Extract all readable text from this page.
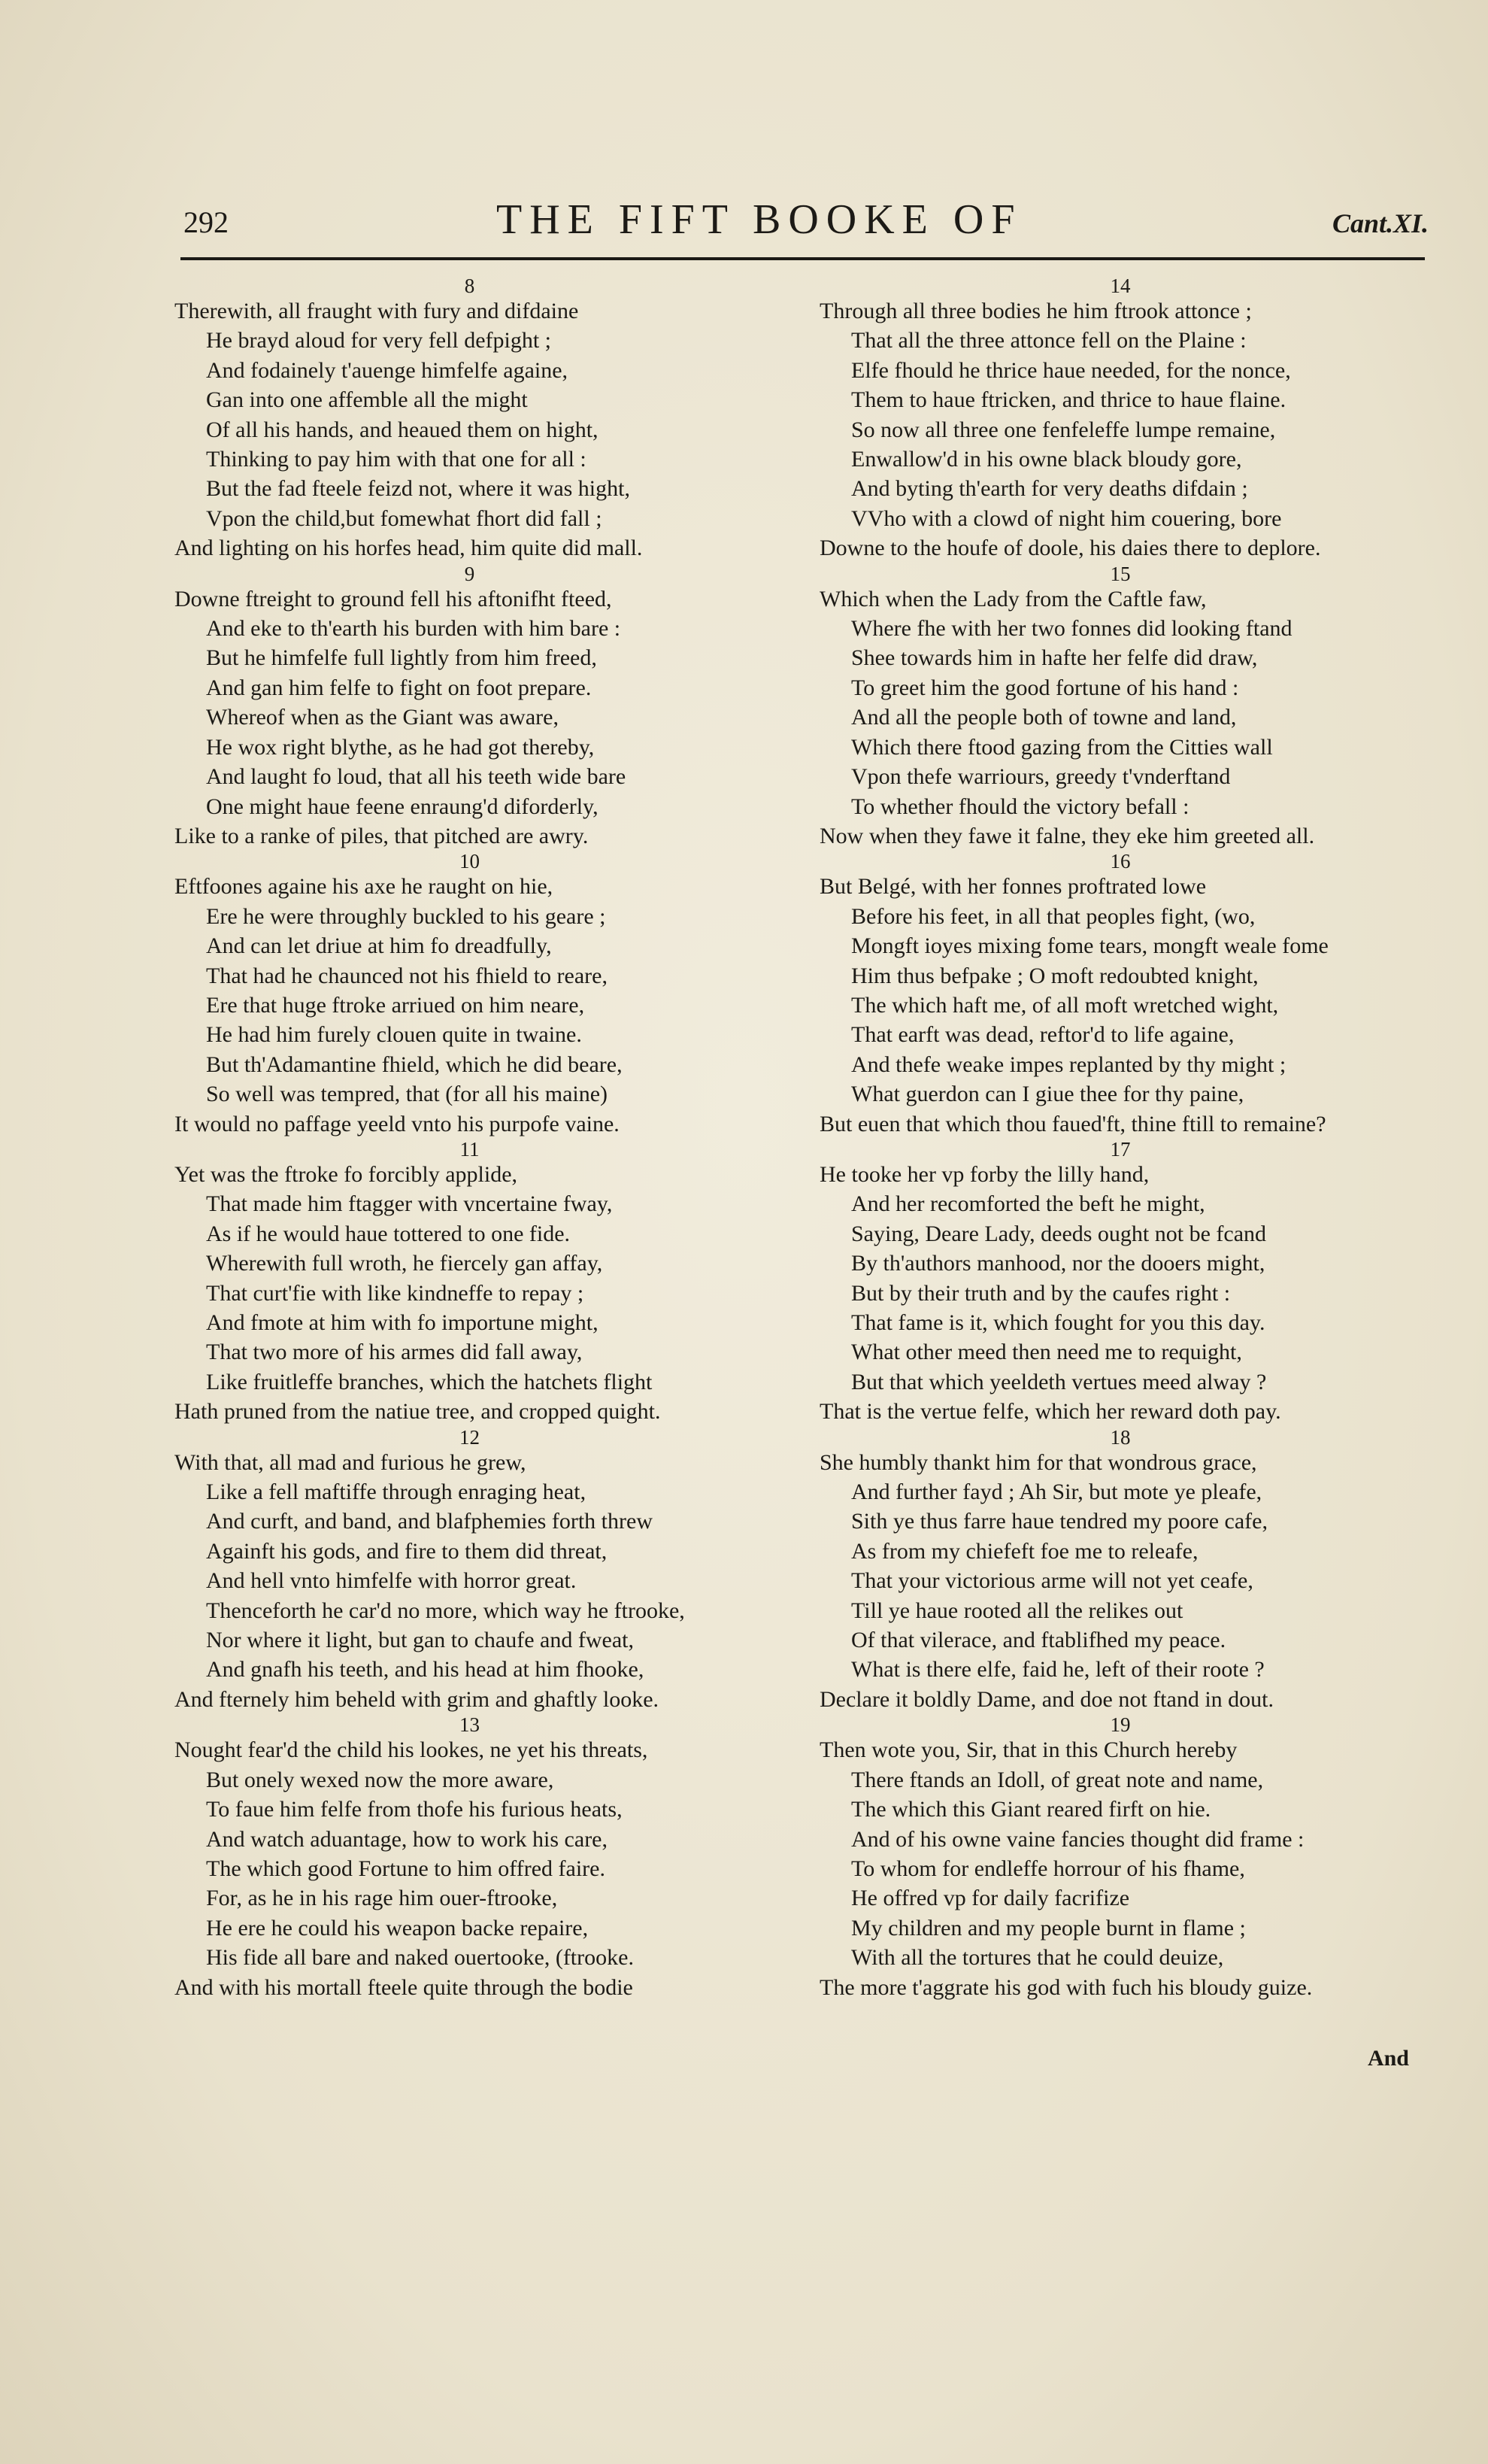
292	THE FIFT BOOKE OF	Cant.XI.
8
Therewith, all fraught with fury and difdaine
He brayd aloud for very fell defpight ;
And fodainely t'auenge himfelfe againe,
Gan into one affemble all the might
Of all his hands, and heaued them on hight,
Thinking to pay him with that one for all :
But the fad fteele feizd not, where it was hight,
Vpon the child,but fomewhat fhort did fall ;
And lighting on his horfes head, him quite did mall.
9
Downe ftreight to ground fell his aftonifht fteed,
And eke to th'earth his burden with him bare :
But he himfelfe full lightly from him freed,
And gan him felfe to fight on foot prepare.
Whereof when as the Giant was aware,
He wox right blythe, as he had got thereby,
And laught fo loud, that all his teeth wide bare
One might haue feene enraung'd diforderly,
Like to a ranke of piles, that pitched are awry.
10
Eftfoones againe his axe he raught on hie,
Ere he were throughly buckled to his geare ;
And can let driue at him fo dreadfully,
That had he chaunced not his fhield to reare,
Ere that huge ftroke arriued on him neare,
He had him furely clouen quite in twaine.
But th'Adamantine fhield, which he did beare,
So well was tempred, that (for all his maine)
It would no paffage yeeld vnto his purpofe vaine.
11
Yet was the ftroke fo forcibly applide,
That made him ftagger with vncertaine fway,
As if he would haue tottered to one fide.
Wherewith full wroth, he fiercely gan affay,
That curt'fie with like kindneffe to repay ;
And fmote at him with fo importune might,
That two more of his armes did fall away,
Like fruitleffe branches, which the hatchets flight
Hath pruned from the natiue tree, and cropped quight.
12
With that, all mad and furious he grew,
Like a fell maftiffe through enraging heat,
And curft, and band, and blafphemies forth threw
Againft his gods, and fire to them did threat,
And hell vnto himfelfe with horror great.
Thenceforth he car'd no more, which way he ftrooke,
Nor where it light, but gan to chaufe and fweat,
And gnafh his teeth, and his head at him fhooke,
And fternely him beheld with grim and ghaftly looke.
13
Nought fear'd the child his lookes, ne yet his threats,
But onely wexed now the more aware,
To faue him felfe from thofe his furious heats,
And watch aduantage, how to work his care,
The which good Fortune to him offred faire.
For, as he in his rage him ouer-ftrooke,
He ere he could his weapon backe repaire,
His fide all bare and naked ouertooke, (ftrooke.
And with his mortall fteele quite through the bodie
14
Through all three bodies he him ftrook attonce ;
That all the three attonce fell on the Plaine :
Elfe fhould he thrice haue needed, for the nonce,
Them to haue ftricken, and thrice to haue flaine.
So now all three one fenfeleffe lumpe remaine,
Enwallow'd in his owne black bloudy gore,
And byting th'earth for very deaths difdain ;
VVho with a clowd of night him couering, bore
Downe to the houfe of doole, his daies there to deplore.
15
Which when the Lady from the Caftle faw,
Where fhe with her two fonnes did looking ftand
Shee towards him in hafte her felfe did draw,
To greet him the good fortune of his hand :
And all the people both of towne and land,
Which there ftood gazing from the Citties wall
Vpon thefe warriours, greedy t'vnderftand
To whether fhould the victory befall :
Now when they fawe it falne, they eke him greeted all.
16
But Belgé, with her fonnes proftrated lowe
Before his feet, in all that peoples fight, (wo,
Mongft ioyes mixing fome tears, mongft weale fome
Him thus befpake ; O moft redoubted knight,
The which haft me, of all moft wretched wight,
That earft was dead, reftor'd to life againe,
And thefe weake impes replanted by thy might ;
What guerdon can I giue thee for thy paine,
But euen that which thou faued'ft, thine ftill to remaine?
17
He tooke her vp forby the lilly hand,
And her recomforted the beft he might,
Saying, Deare Lady, deeds ought not be fcand
By th'authors manhood, nor the dooers might,
But by their truth and by the caufes right :
That fame is it, which fought for you this day.
What other meed then need me to requight,
But that which yeeldeth vertues meed alway ?
That is the vertue felfe, which her reward doth pay.
18
She humbly thankt him for that wondrous grace,
And further fayd ; Ah Sir, but mote ye pleafe,
Sith ye thus farre haue tendred my poore cafe,
As from my chiefeft foe me to releafe,
That your victorious arme will not yet ceafe,
Till ye haue rooted all the relikes out
Of that vilerace, and ftablifhed my peace.
What is there elfe, faid he, left of their roote ?
Declare it boldly Dame, and doe not ftand in dout.
19
Then wote you, Sir, that in this Church hereby
There ftands an Idoll, of great note and name,
The which this Giant reared firft on hie.
And of his owne vaine fancies thought did frame :
To whom for endleffe horrour of his fhame,
He offred vp for daily facrifize
My children and my people burnt in flame ;
With all the tortures that he could deuize,
The more t'aggrate his god with fuch his bloudy guize.
And
